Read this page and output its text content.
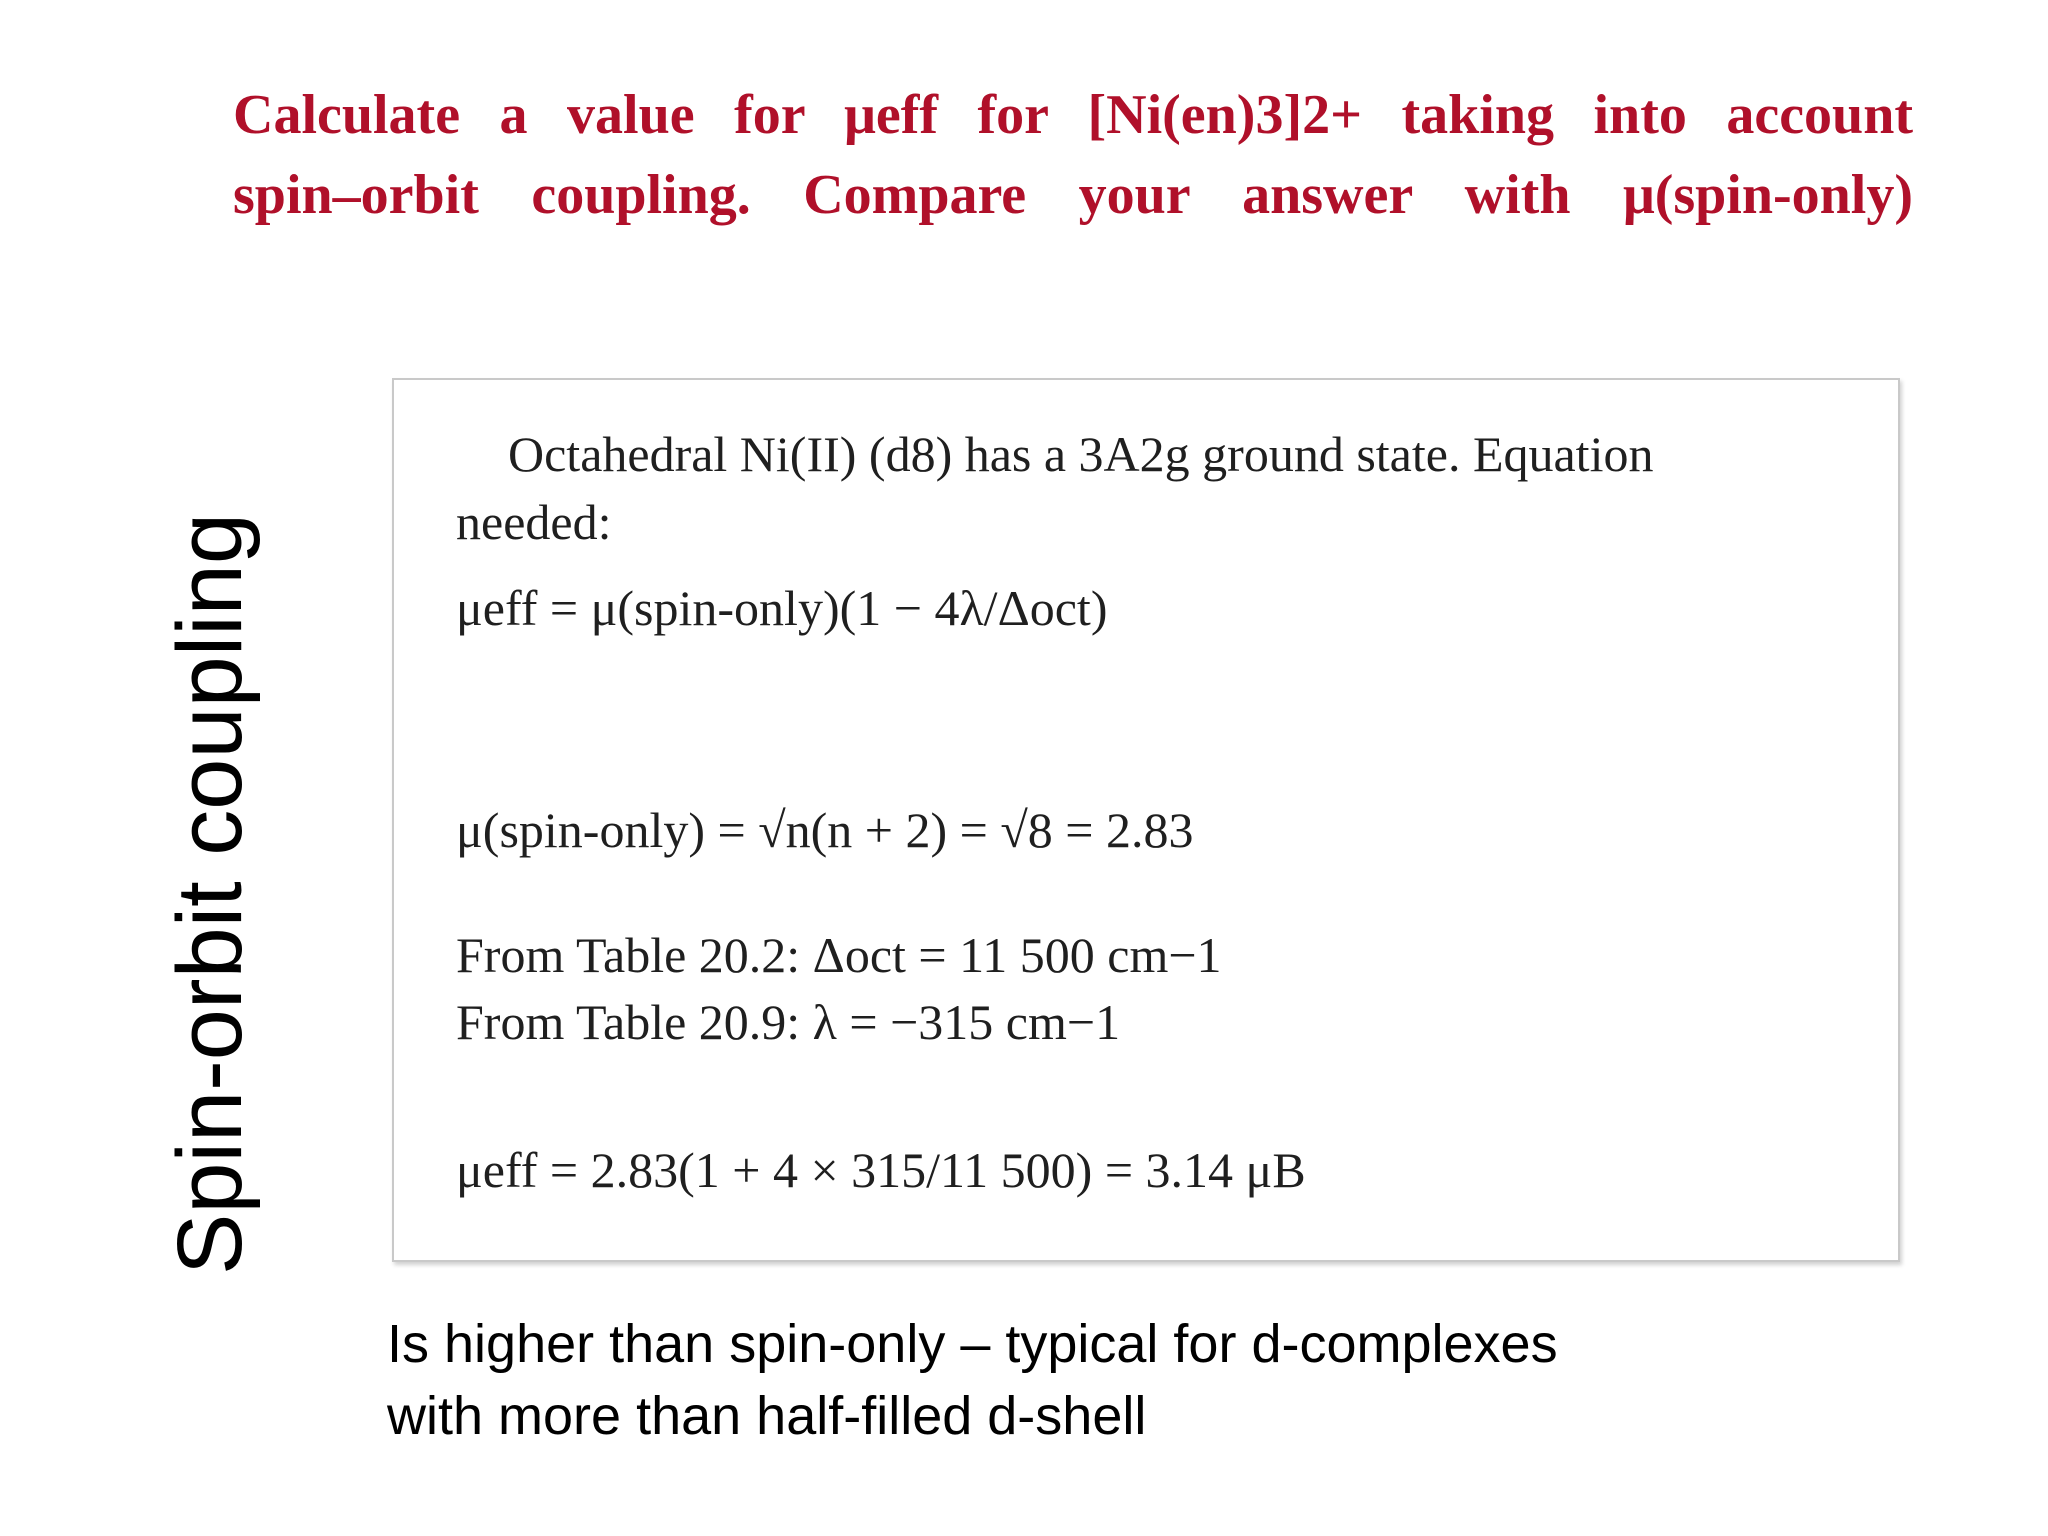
Calculate a value for μeff for [Ni(en)3]2+ taking into account
spin–orbit coupling. Compare your answer with μ(spin-only)
Spin-orbit coupling
Octahedral Ni(II) (d8) has a 3A2g ground state. Equation
needed:
μeff = μ(spin-only)(1 − 4λ/Δoct)
μ(spin-only) = √n(n + 2) = √8 = 2.83
From Table 20.2: Δoct = 11 500 cm−1
From Table 20.9: λ = −315 cm−1
μeff = 2.83(1 + 4 × 315/11 500) = 3.14 μB
Is higher than spin-only – typical for d-complexes
with more than half-filled d-shell
